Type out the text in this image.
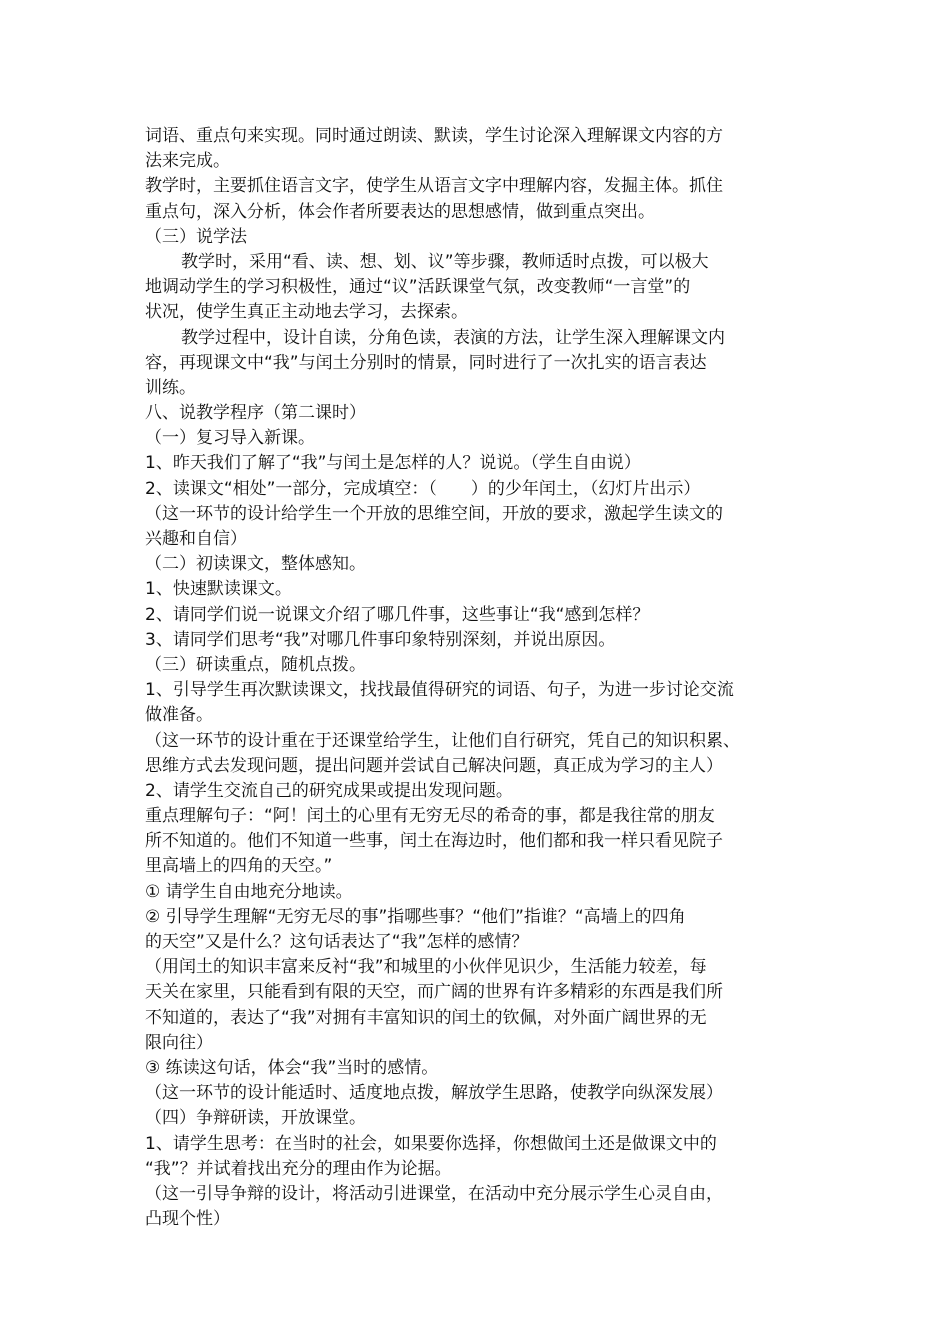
词语、重点句来实现。同时通过朗读、默读，学生讨论深入理解课文内容的方
法来完成。
教学时，主要抓住语言文字，使学生从语言文字中理解内容，发掘主体。抓住
重点句，深入分析，体会作者所要表达的思想感情，做到重点突出。
（三）说学法
教学时，采用“看、读、想、划、议”等步骤，教师适时点拨，可以极大
地调动学生的学习积极性，通过“议”活跃课堂气氛，改变教师“一言堂”的
状况，使学生真正主动地去学习，去探索。
教学过程中，设计自读，分角色读，表演的方法，让学生深入理解课文内
容，再现课文中“我”与闰土分别时的情景，同时进行了一次扎实的语言表达
训练。
八、说教学程序（第二课时）
（一）复习导入新课。
1、昨天我们了解了“我”与闰土是怎样的人？说说。（学生自由说）
2、读课文“相处”一部分，完成填空：（　　）的少年闰土，（幻灯片出示）
（这一环节的设计给学生一个开放的思维空间，开放的要求，激起学生读文的
兴趣和自信）
（二）初读课文，整体感知。
1、快速默读课文。
2、请同学们说一说课文介绍了哪几件事，这些事让“我“感到怎样？
3、请同学们思考“我”对哪几件事印象特别深刻，并说出原因。
（三）研读重点，随机点拨。
1、引导学生再次默读课文，找找最值得研究的词语、句子，为进一步讨论交流
做准备。
（这一环节的设计重在于还课堂给学生，让他们自行研究，凭自己的知识积累、
思维方式去发现问题，提出问题并尝试自己解决问题，真正成为学习的主人）
2、请学生交流自己的研究成果或提出发现问题。
重点理解句子：“阿！闰土的心里有无穷无尽的希奇的事，都是我往常的朋友
所不知道的。他们不知道一些事，闰土在海边时，他们都和我一样只看见院子
里高墙上的四角的天空。”
① 请学生自由地充分地读。
② 引导学生理解“无穷无尽的事”指哪些事？“他们”指谁？“高墙上的四角
的天空”又是什么？这句话表达了“我”怎样的感情？
（用闰土的知识丰富来反衬“我”和城里的小伙伴见识少，生活能力较差，每
天关在家里，只能看到有限的天空，而广阔的世界有许多精彩的东西是我们所
不知道的，表达了“我”对拥有丰富知识的闰土的钦佩，对外面广阔世界的无
限向往）
③ 练读这句话，体会“我”当时的感情。
（这一环节的设计能适时、适度地点拨，解放学生思路，使教学向纵深发展）
（四）争辩研读，开放课堂。
1、请学生思考：在当时的社会，如果要你选择，你想做闰土还是做课文中的
“我”？并试着找出充分的理由作为论据。
（这一引导争辩的设计，将活动引进课堂，在活动中充分展示学生心灵自由，
凸现个性）
